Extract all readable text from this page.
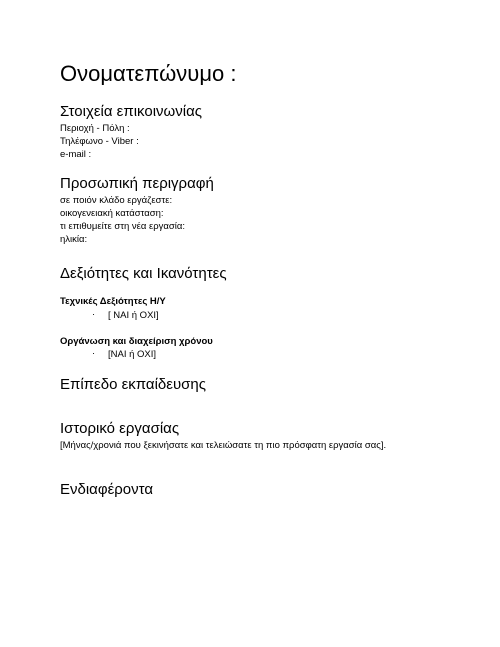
Ονοματεπώνυμο :
Στοιχεία επικοινωνίας
Περιοχή - Πόλη :
Τηλέφωνο - Viber :
e-mail :
Προσωπική περιγραφή
σε ποιόν κλάδο εργάζεστε:
οικογενειακή κατάσταση:
τι επιθυμείτε στη νέα εργασία:
ηλικία:
Δεξιότητες και Ικανότητες
Τεχνικές Δεξιότητες Η/Υ
· [ ΝΑΙ ή ΟΧΙ]
Οργάνωση και διαχείριση χρόνου
· [ΝΑΙ ή ΟΧΙ]
Επίπεδο εκπαίδευσης
Ιστορικό εργασίας
[Μήνας/χρονιά που ξεκινήσατε και τελειώσατε τη πιο πρόσφατη εργασία σας].
Ενδιαφέροντα
